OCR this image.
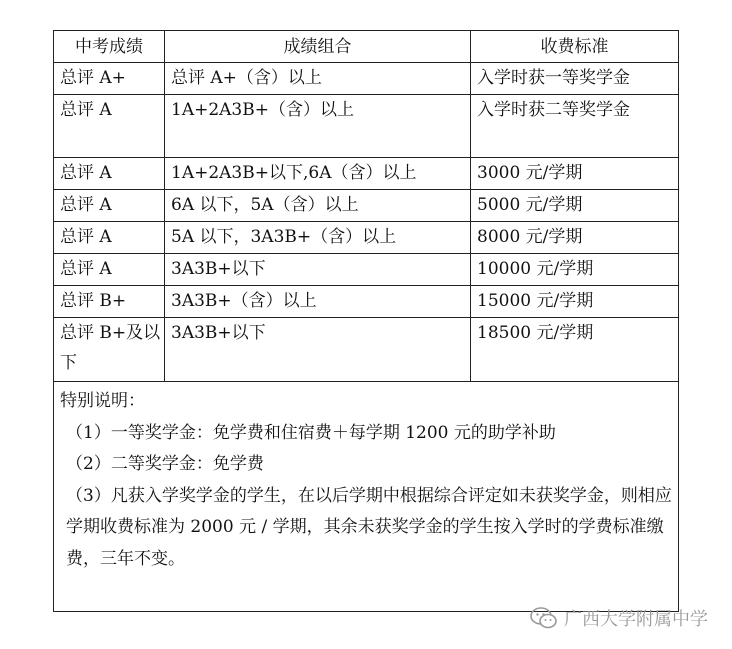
中考成绩	成绩组合	收费标准
总评 A+	总评 A+（含）以上	入学时获一等奖学金
总评 A	1A+2A3B+（含）以上	入学时获二等奖学金
总评 A	1A+2A3B+以下,6A（含）以上	3000 元/学期
总评 A	6A 以下，5A（含）以上	5000 元/学期
总评 A	5A 以下，3A3B+（含）以上	8000 元/学期
总评 A	3A3B+以下	10000 元/学期
总评 B+	3A3B+（含）以上	15000 元/学期
总评 B+及以下	3A3B+以下	18500 元/学期

特别说明：
（1）一等奖学金：免学费和住宿费＋每学期 1200 元的助学补助
（2）二等奖学金：免学费
（3）凡获入学奖学金的学生，在以后学期中根据综合评定如未获奖学金，则相应学期收费标准为 2000 元 / 学期，其余未获奖学金的学生按入学时的学费标准缴费，三年不变。		
广西大学附属中学
